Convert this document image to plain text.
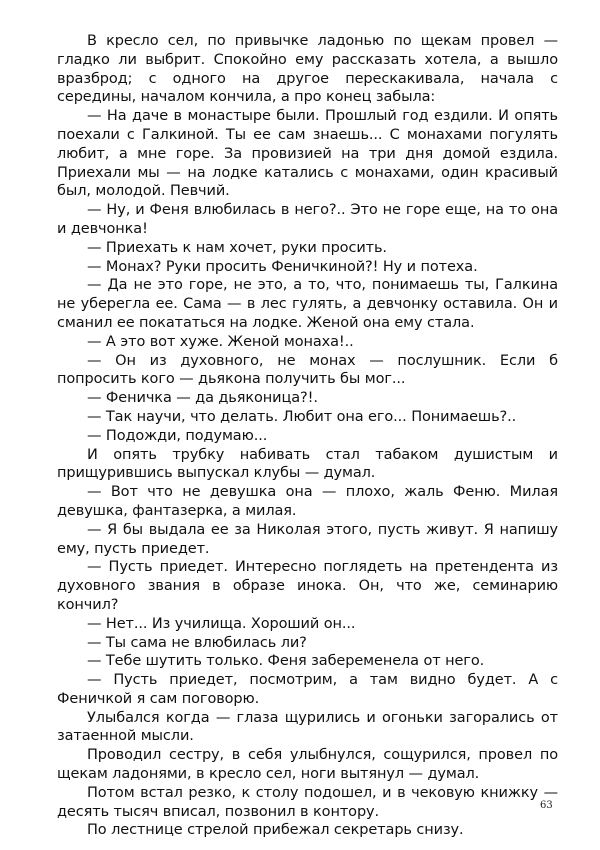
В кресло сел, по привычке ладонью по щекам провел — гладко ли выбрит. Спокойно ему рассказать хотела, а вышло вразброд; с одного на другое перескакивала, начала с середины, началом кончила, а про конец забыла:

— На даче в монастыре были. Прошлый год ездили. И опять поехали с Галкиной. Ты ее сам знаешь... С монахами погулять любит, а мне горе. За провизией на три дня домой ездила. Приехали мы — на лодке катались с монахами, один красивый был, молодой. Певчий.

— Ну, и Феня влюбилась в него?.. Это не горе еще, на то она и девчонка!

— Приехать к нам хочет, руки просить.

— Монах? Руки просить Феничкиной?! Ну и потеха.

— Да не это горе, не это, а то, что, понимаешь ты, Галкина не уберегла ее. Сама — в лес гулять, а девчонку оставила. Он и сманил ее покататься на лодке. Женой она ему стала.

— А это вот хуже. Женой монаха!..

— Он из духовного, не монах — послушник. Если б попросить кого — дьякона получить бы мог...

— Феничка — да дьяконица?!.

— Так научи, что делать. Любит она его... Понимаешь?..

— Подожди, подумаю...

И опять трубку набивать стал табаком душистым и прищурившись выпускал клубы — думал.

— Вот что не девушка она — плохо, жаль Феню. Милая девушка, фантазерка, а милая.

— Я бы выдала ее за Николая этого, пусть живут. Я напишу ему, пусть приедет.

— Пусть приедет. Интересно поглядеть на претендента из духовного звания в образе инока. Он, что же, семинарию кончил?

— Нет... Из училища. Хороший он...

— Ты сама не влюбилась ли?

— Тебе шутить только. Феня забеременела от него.

— Пусть приедет, посмотрим, а там видно будет. А с Феничкой я сам поговорю.

Улыбался когда — глаза щурились и огоньки загорались от затаенной мысли.

Проводил сестру, в себя улыбнулся, сощурился, провел по щекам ладонями, в кресло сел, ноги вытянул — думал.

Потом встал резко, к столу подошел, и в чековую книжку — десять тысяч вписал, позвонил в контору.

По лестнице стрелой прибежал секретарь снизу.

63
